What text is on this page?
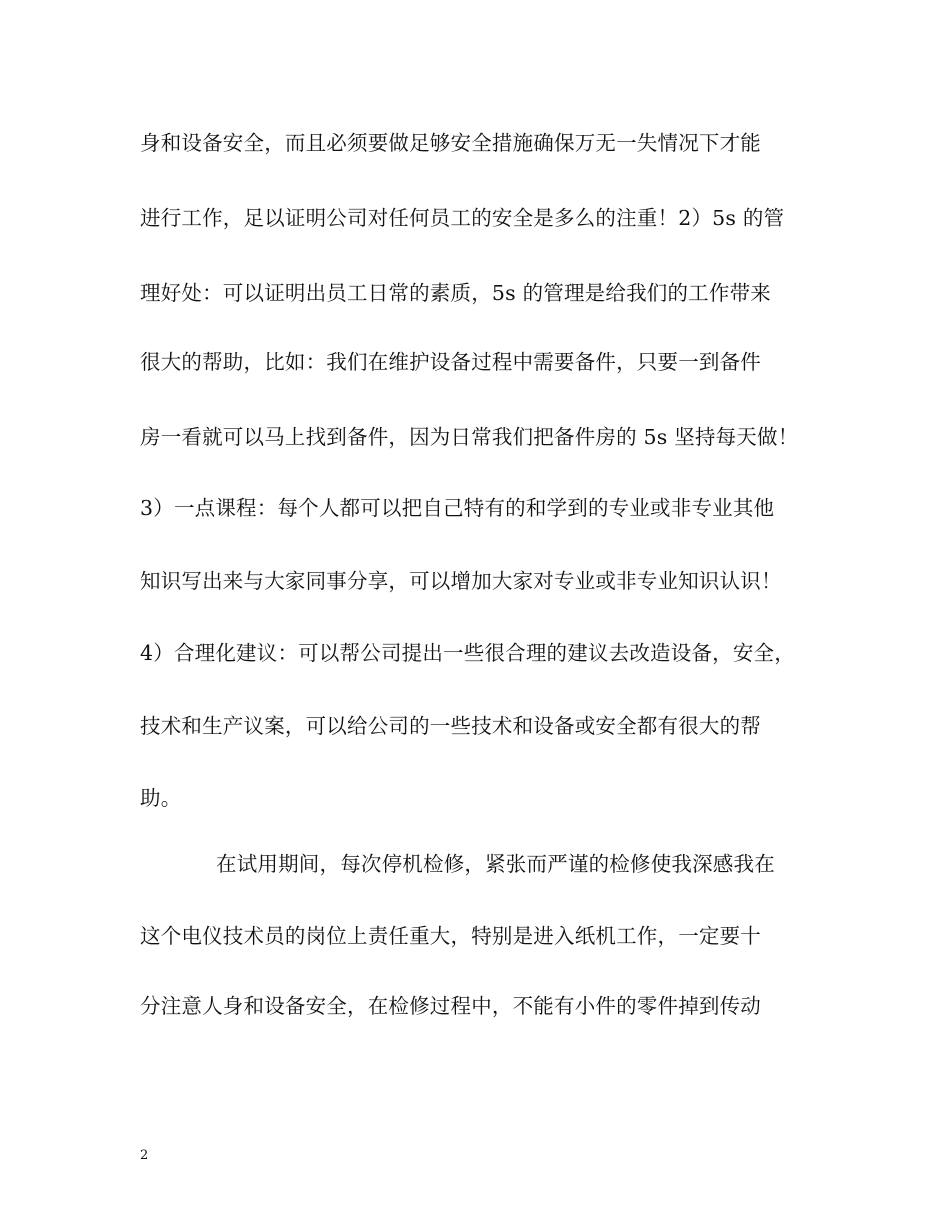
身和设备安全，而且必须要做足够安全措施确保万无一失情况下才能
进行工作，足以证明公司对任何员工的安全是多么的注重！2）5s 的管
理好处：可以证明出员工日常的素质，5s 的管理是给我们的工作带来
很大的帮助，比如：我们在维护设备过程中需要备件，只要一到备件
房一看就可以马上找到备件，因为日常我们把备件房的 5s 坚持每天做！
3）一点课程：每个人都可以把自己特有的和学到的专业或非专业其他
知识写出来与大家同事分享，可以增加大家对专业或非专业知识认识！
4）合理化建议：可以帮公司提出一些很合理的建议去改造设备，安全，
技术和生产议案，可以给公司的一些技术和设备或安全都有很大的帮
助。
在试用期间，每次停机检修，紧张而严谨的检修使我深感我在
这个电仪技术员的岗位上责任重大，特别是进入纸机工作，一定要十
分注意人身和设备安全，在检修过程中，不能有小件的零件掉到传动
2
